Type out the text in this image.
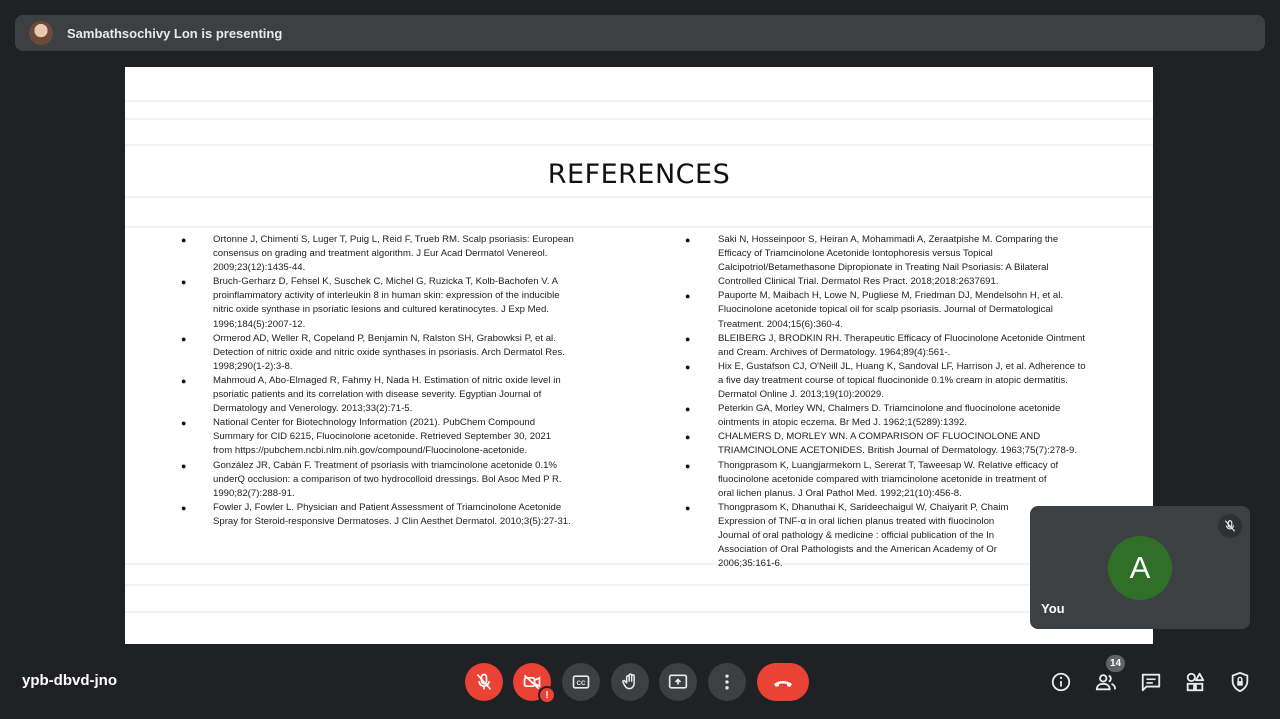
Sambathsochivy Lon is presenting
REFERENCES
●	Ortonne J, Chimenti S, Luger T, Puig L, Reid F, Trueb RM. Scalp psoriasis: European
consensus on grading and treatment algorithm. J Eur Acad Dermatol Venereol.
2009;23(12):1435-44.
●	Bruch-Gerharz D, Fehsel K, Suschek C, Michel G, Ruzicka T, Kolb-Bachofen V. A
proinflammatory activity of interleukin 8 in human skin: expression of the inducible
nitric oxide synthase in psoriatic lesions and cultured keratinocytes. J Exp Med.
1996;184(5):2007-12.
●	Ormerod AD, Weller R, Copeland P, Benjamin N, Ralston SH, Grabowksi P, et al.
Detection of nitric oxide and nitric oxide synthases in psoriasis. Arch Dermatol Res.
1998;290(1-2):3-8.
●	Mahmoud A, Abo-Elmaged R, Fahmy H, Nada H. Estimation of nitric oxide level in
psoriatic patients and its correlation with disease severity. Egyptian Journal of
Dermatology and Venerology. 2013;33(2):71-5.
●	National Center for Biotechnology Information (2021). PubChem Compound
Summary for CID 6215, Fluocinolone acetonide. Retrieved September 30, 2021
from https://pubchem.ncbi.nlm.nih.gov/compound/Fluocinolone-acetonide.
●	González JR, Cabán F. Treatment of psoriasis with triamcinolone acetonide 0.1%
underQ occlusion: a comparison of two hydrocolloid dressings. Bol Asoc Med P R.
1990;82(7):288-91.
●	Fowler J, Fowler L. Physician and Patient Assessment of Triamcinolone Acetonide
Spray for Steroid-responsive Dermatoses. J Clin Aesthet Dermatol. 2010;3(5):27-31.
●	Saki N, Hosseinpoor S, Heiran A, Mohammadi A, Zeraatpishe M. Comparing the
Efficacy of Triamcinolone Acetonide Iontophoresis versus Topical
Calcipotriol/Betamethasone Dipropionate in Treating Nail Psoriasis: A Bilateral
Controlled Clinical Trial. Dermatol Res Pract. 2018;2018:2637691.
●	Pauporte M, Maibach H, Lowe N, Pugliese M, Friedman DJ, Mendelsohn H, et al.
Fluocinolone acetonide topical oil for scalp psoriasis. Journal of Dermatological
Treatment. 2004;15(6):360-4.
●	BLEIBERG J, BRODKIN RH. Therapeutic Efficacy of Fluocinolone Acetonide Ointment
and Cream. Archives of Dermatology. 1964;89(4):561-.
●	Hix E, Gustafson CJ, O'Neill JL, Huang K, Sandoval LF, Harrison J, et al. Adherence to
a five day treatment course of topical fluocinonide 0.1% cream in atopic dermatitis.
Dermatol Online J. 2013;19(10):20029.
●	Peterkin GA, Morley WN, Chalmers D. Triamcinolone and fluocinolone acetonide
ointments in atopic eczema. Br Med J. 1962;1(5289):1392.
●	CHALMERS D, MORLEY WN. A COMPARISON OF FLUOCINOLONE AND
TRIAMCINOLONE ACETONIDES. British Journal of Dermatology. 1963;75(7):278-9.
●	Thongprasom K, Luangjarmekorn L, Sererat T, Taweesap W. Relative efficacy of
fluocinolone acetonide compared with triamcinolone acetonide in treatment of
oral lichen planus. J Oral Pathol Med. 1992;21(10):456-8.
●	Thongprasom K, Dhanuthai K, Sarideechaigul W, Chaiyarit P, Chaim
Expression of TNF-α in oral lichen planus treated with fluocinolon
Journal of oral pathology & medicine : official publication of the In
Association of Oral Pathologists and the American Academy of Or
2006;35:161-6.	A
You
ypb-dbvd-jno
!
CC
14
